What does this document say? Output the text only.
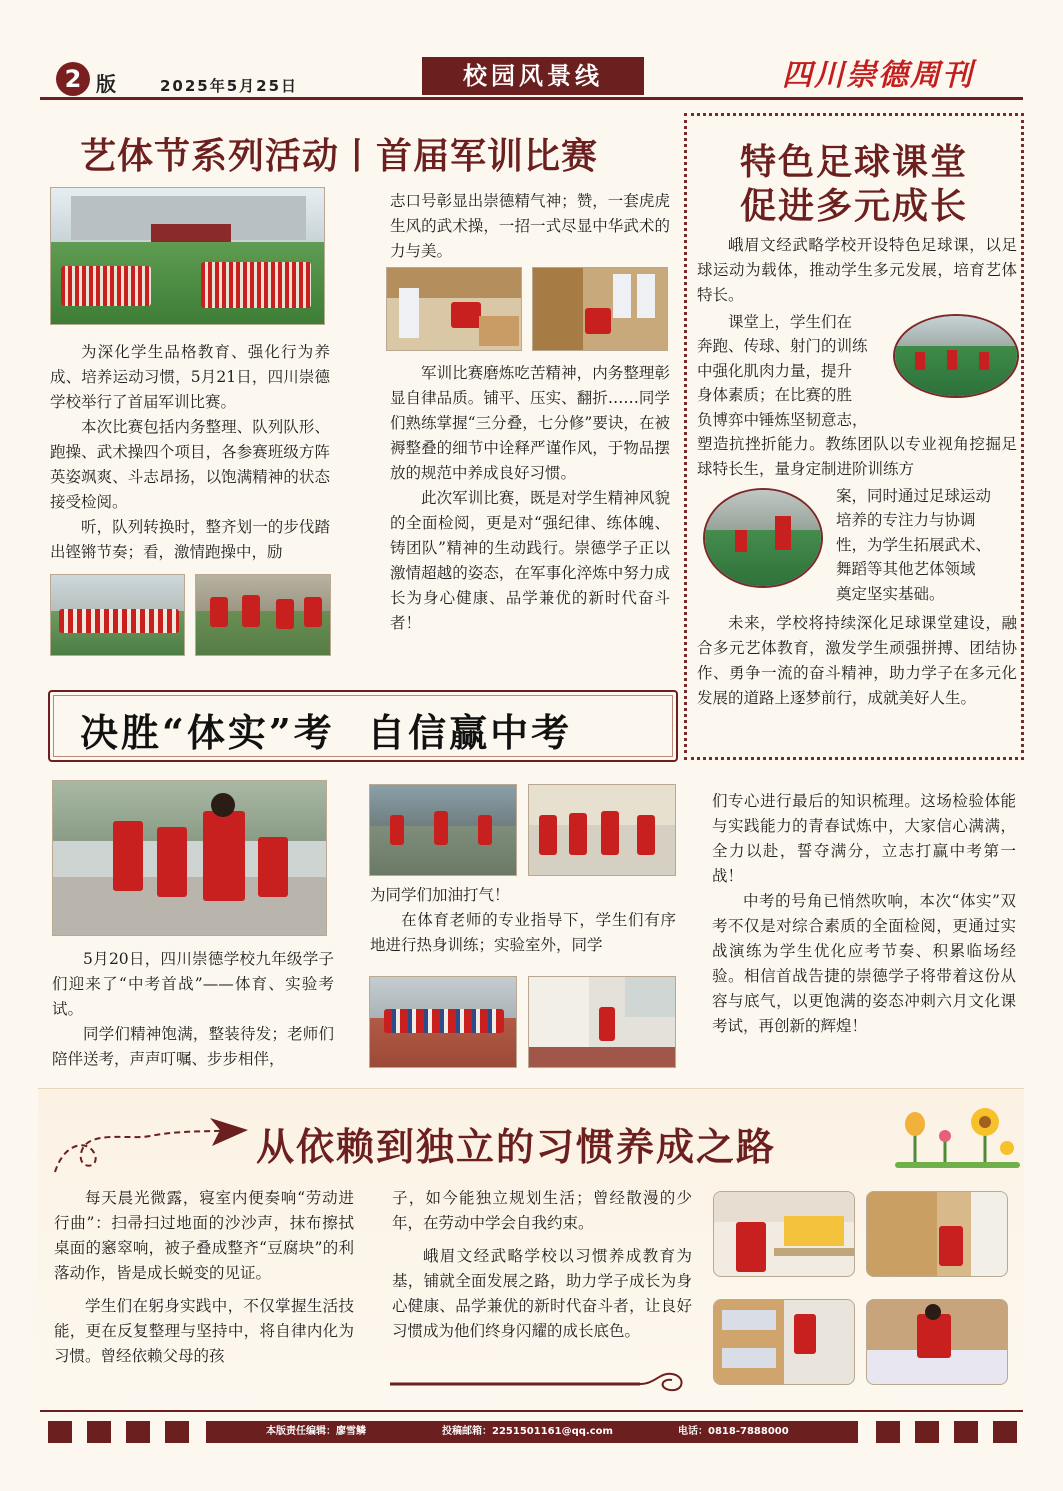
2 版	2025年5月25日	校园风景线	四川崇德周刊
艺体节系列活动丨首届军训比赛

为深化学生品格教育、强化行为养成、培养运动习惯，5月21日，四川崇德学校举行了首届军训比赛。

本次比赛包括内务整理、队列队形、跑操、武术操四个项目，各参赛班级方阵英姿飒爽、斗志昂扬，以饱满精神的状态接受检阅。

听，队列转换时，整齐划一的步伐踏出铿锵节奏；看，激情跑操中，励

志口号彰显出崇德精气神；赞，一套虎虎生风的武术操，一招一式尽显中华武术的力与美。

军训比赛磨炼吃苦精神，内务整理彰显自律品质。铺平、压实、翻折……同学们熟练掌握“三分叠，七分修”要诀，在被褥整叠的细节中诠释严谨作风，于物品摆放的规范中养成良好习惯。

此次军训比赛，既是对学生精神风貌的全面检阅，更是对“强纪律、练体魄、铸团队”精神的生动践行。崇德学子正以激情超越的姿态，在军事化淬炼中努力成长为身心健康、品学兼优的新时代奋斗者！

特色足球课堂
促进多元成长

峨眉文经武略学校开设特色足球课，以足球运动为载体，推动学生多元发展，培育艺体特长。

课堂上，学生们在
奔跑、传球、射门的训练
中强化肌肉力量，提升
身体素质；在比赛的胜
负博弈中锤炼坚韧意志，

塑造抗挫折能力。教练团队以专业视角挖掘足球特长生，量身定制进阶训练方

案，同时通过足球运动
培养的专注力与协调
性，为学生拓展武术、
舞蹈等其他艺体领域
奠定坚实基础。

未来，学校将持续深化足球课堂建设，融合多元艺体教育，激发学生顽强拼搏、团结协作、勇争一流的奋斗精神，助力学子在多元化发展的道路上逐梦前行，成就美好人生。

决胜“体实”考  自信赢中考

5月20日，四川崇德学校九年级学子们迎来了“中考首战”——体育、实验考试。

同学们精神饱满，整装待发；老师们陪伴送考，声声叮嘱、步步相伴，

为同学们加油打气！

在体育老师的专业指导下，学生们有序地进行热身训练；实验室外，同学

们专心进行最后的知识梳理。这场检验体能与实践能力的青春试炼中，大家信心满满，全力以赴，誓夺满分，立志打赢中考第一战！

中考的号角已悄然吹响，本次“体实”双考不仅是对综合素质的全面检阅，更通过实战演练为学生优化应考节奏、积累临场经验。相信首战告捷的崇德学子将带着这份从容与底气，以更饱满的姿态冲刺六月文化课考试，再创新的辉煌！

从依赖到独立的习惯养成之路

每天晨光微露，寝室内便奏响“劳动进行曲”：扫帚扫过地面的沙沙声，抹布擦拭桌面的窸窣响，被子叠成整齐“豆腐块”的利落动作，皆是成长蜕变的见证。

学生们在躬身实践中，不仅掌握生活技能，更在反复整理与坚持中，将自律内化为习惯。曾经依赖父母的孩

子，如今能独立规划生活；曾经散漫的少年，在劳动中学会自我约束。

峨眉文经武略学校以习惯养成教育为基，铺就全面发展之路，助力学子成长为身心健康、品学兼优的新时代奋斗者，让良好习惯成为他们终身闪耀的成长底色。

本版责任编辑：廖雪鳞	投稿邮箱：2251501161@qq.com	电话：0818-7888000
